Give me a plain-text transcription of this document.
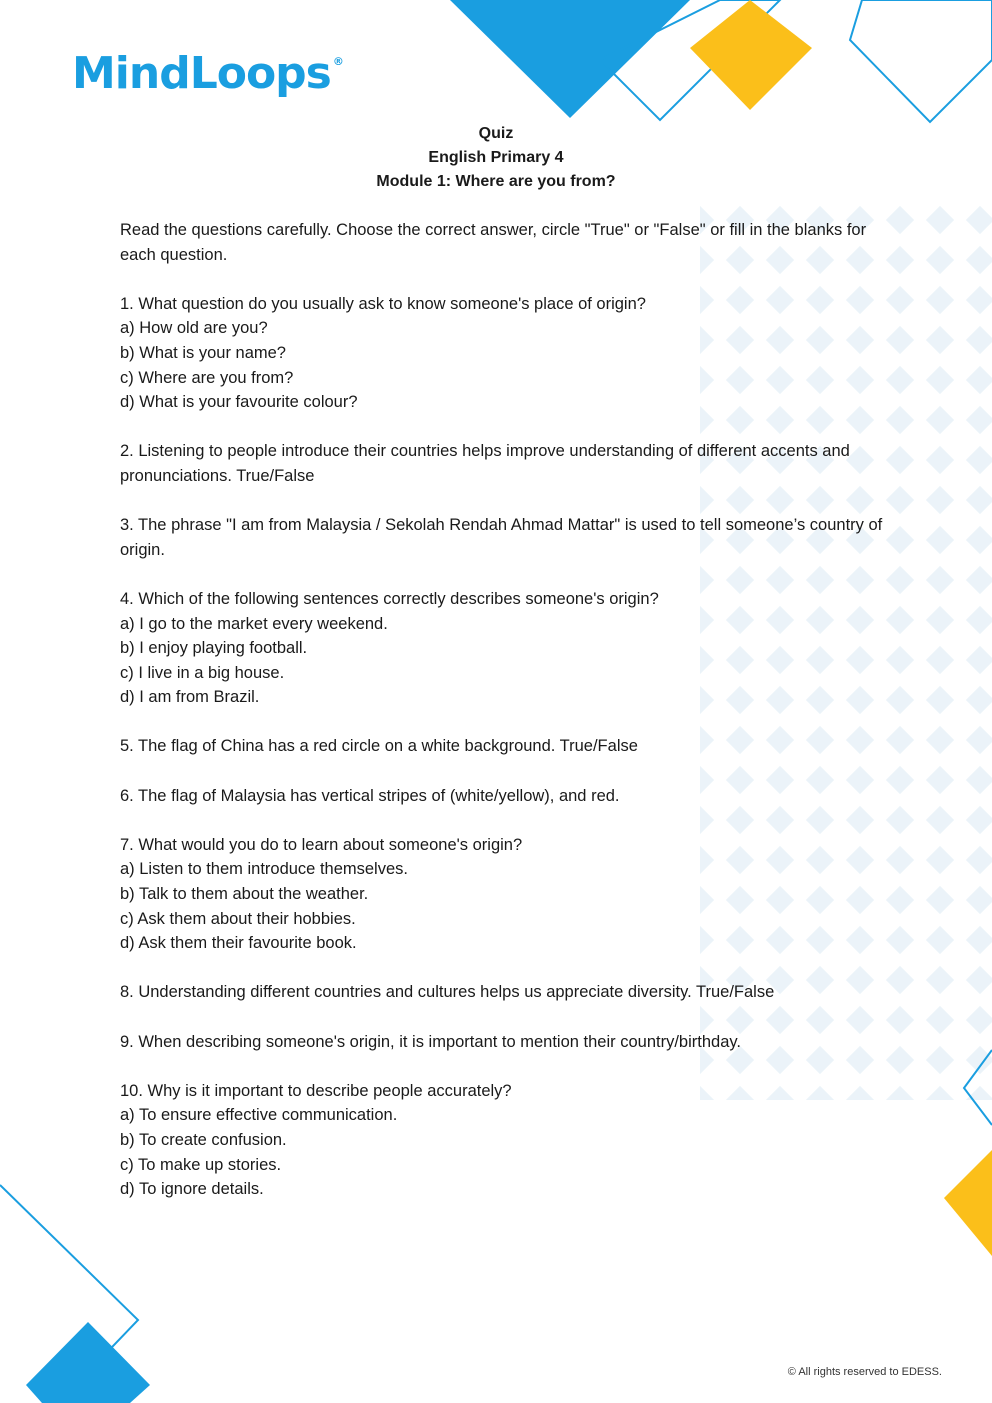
MindLoops ®
Quiz
English Primary 4
Module 1: Where are you from?

Read the questions carefully. Choose the correct answer, circle "True" or "False" or fill in the blanks for each question.

1. What question do you usually ask to know someone's place of origin?
a) How old are you?
b) What is your name?
c) Where are you from?
d) What is your favourite colour?
2. Listening to people introduce their countries helps improve understanding of different accents and pronunciations. True/False
3. The phrase "I am from Malaysia / Sekolah Rendah Ahmad Mattar" is used to tell someone’s country of origin.
4. Which of the following sentences correctly describes someone's origin?
a) I go to the market every weekend.
b) I enjoy playing football.
c) I live in a big house.
d) I am from Brazil.
5. The flag of China has a red circle on a white background. True/False
6. The flag of Malaysia has vertical stripes of (white/yellow), and red.
7. What would you do to learn about someone's origin?
a) Listen to them introduce themselves.
b) Talk to them about the weather.
c) Ask them about their hobbies.
d) Ask them their favourite book.
8. Understanding different countries and cultures helps us appreciate diversity. True/False
9. When describing someone's origin, it is important to mention their country/birthday.
10. Why is it important to describe people accurately?
a) To ensure effective communication.
b) To create confusion.
c) To make up stories.
d) To ignore details.
© All rights reserved to EDESS.
